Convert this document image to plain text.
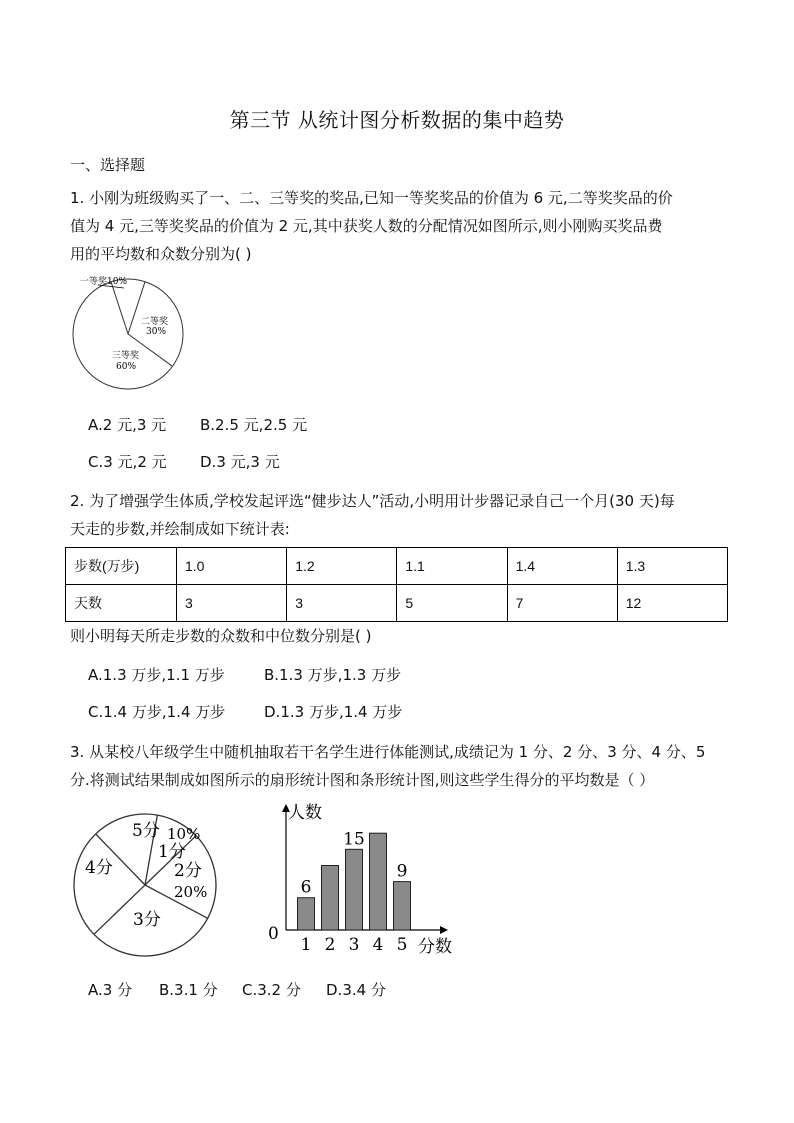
第三节 从统计图分析数据的集中趋势
一、选择题
1. 小刚为班级购买了一、二、三等奖的奖品,已知一等奖奖品的价值为 6 元,二等奖奖品的价
值为 4 元,三等奖奖品的价值为 2 元,其中获奖人数的分配情况如图所示,则小刚购买奖品费
用的平均数和众数分别为( )
一等奖10%
二等奖
30%
三等奖
60%
A.2 元,3 元 B.2.5 元,2.5 元
C.3 元,2 元 D.3 元,3 元
2. 为了增强学生体质,学校发起评选“健步达人”活动,小明用计步器记录自己一个月(30 天)每
天走的步数,并绘制成如下统计表:
步数(万步)	1.0	1.2	1.1	1.4	1.3
天数	3	3	5	7	12
则小明每天所走步数的众数和中位数分别是( )
A.1.3 万步,1.1 万步	B.1.3 万步,1.3 万步
C.1.4 万步,1.4 万步	D.1.3 万步,1.4 万步
3. 从某校八年级学生中随机抽取若干名学生进行体能测试,成绩记为 1 分、2 分、3 分、4 分、5
分.将测试结果制成如图所示的扇形统计图和条形统计图,则这些学生得分的平均数是（ ）
5分 10%
1分
2分
20%
4分
3分
人数
分数
0
1
6
2 3
15
4 5
9
A.3 分 B.3.1 分 C.3.2 分 D.3.4 分
